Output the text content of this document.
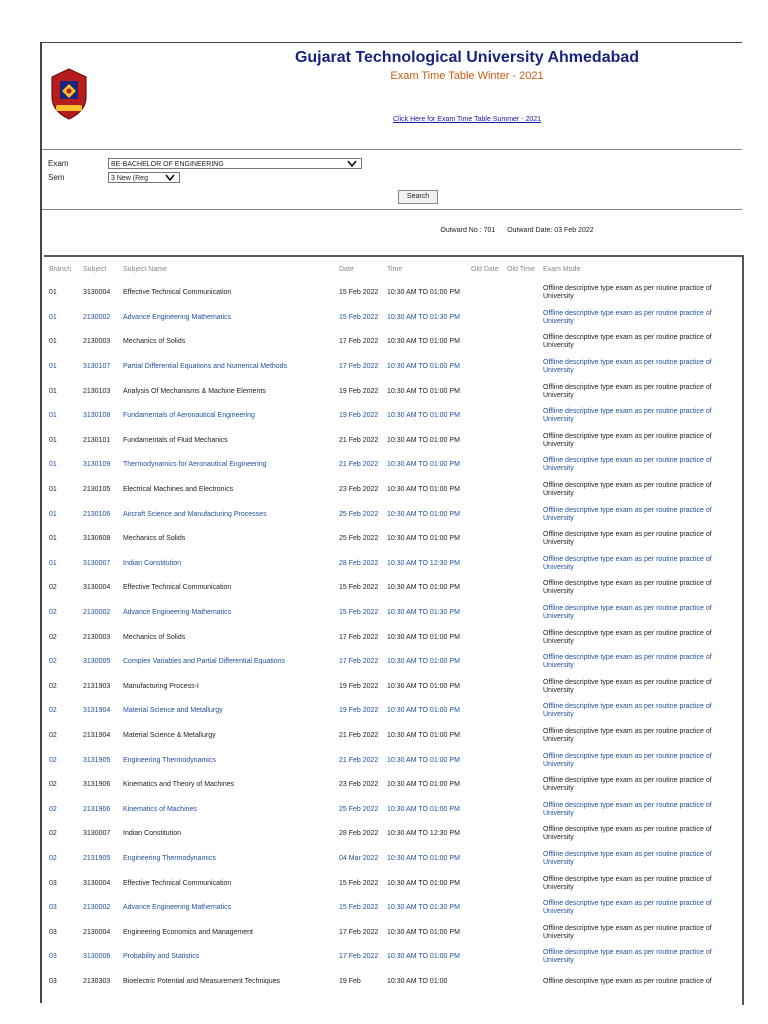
Gujarat Technological University Ahmedabad
Exam Time Table Winter - 2021
Click Here for Exam Time Table Summer - 2021
Exam	BE-BACHELOR OF ENGINEERING
Sem	3 New (Reg
Search
Outward No : 701 Outward Date: 03 Feb 2022
Branch	Subject	Subject Name	Date	Time	Old Date	Old Time	Exam Mode
01	3130004	Effective Technical Communication	15 Feb 2022	10:30 AM TO 01:00 PM			Offline descriptive type exam as per routine practice of University
01	2130002	Advance Engineering Mathematics	15 Feb 2022	10:30 AM TO 01:30 PM			Offline descriptive type exam as per routine practice of University
01	2130003	Mechanics of Solids	17 Feb 2022	10:30 AM TO 01:00 PM			Offline descriptive type exam as per routine practice of University
01	3130107	Partial Differential Equations and Numerical Methods	17 Feb 2022	10:30 AM TO 01:00 PM			Offline descriptive type exam as per routine practice of University
01	2130103	Analysis Of Mechanisms & Machine Elements	19 Feb 2022	10:30 AM TO 01:00 PM			Offline descriptive type exam as per routine practice of University
01	3130108	Fundamentals of Aeronautical Engineering	19 Feb 2022	10:30 AM TO 01:00 PM			Offline descriptive type exam as per routine practice of University
01	2130101	Fundamentals of Fluid Mechanics	21 Feb 2022	10:30 AM TO 01:00 PM			Offline descriptive type exam as per routine practice of University
01	3130109	Thermodynamics for Aeronautical Engineering	21 Feb 2022	10:30 AM TO 01:00 PM			Offline descriptive type exam as per routine practice of University
01	2130105	Electrical Machines and Electronics	23 Feb 2022	10:30 AM TO 01:00 PM			Offline descriptive type exam as per routine practice of University
01	2130106	Aircraft Science and Manufacturing Processes	25 Feb 2022	10:30 AM TO 01:00 PM			Offline descriptive type exam as per routine practice of University
01	3130608	Mechanics of Solids	25 Feb 2022	10:30 AM TO 01:00 PM			Offline descriptive type exam as per routine practice of University
01	3130007	Indian Constitution	28 Feb 2022	10:30 AM TO 12:30 PM			Offline descriptive type exam as per routine practice of University
02	3130004	Effective Technical Communication	15 Feb 2022	10:30 AM TO 01:00 PM			Offline descriptive type exam as per routine practice of University
02	2130002	Advance Engineering Mathematics	15 Feb 2022	10:30 AM TO 01:30 PM			Offline descriptive type exam as per routine practice of University
02	2130003	Mechanics of Solids	17 Feb 2022	10:30 AM TO 01:00 PM			Offline descriptive type exam as per routine practice of University
02	3130005	Complex Variables and Partial Differential Equations	17 Feb 2022	10:30 AM TO 01:00 PM			Offline descriptive type exam as per routine practice of University
02	2131903	Manufacturing Process-I	19 Feb 2022	10:30 AM TO 01:00 PM			Offline descriptive type exam as per routine practice of University
02	3131904	Material Science and Metallurgy	19 Feb 2022	10:30 AM TO 01:00 PM			Offline descriptive type exam as per routine practice of University
02	2131904	Material Science & Metallurgy	21 Feb 2022	10:30 AM TO 01:00 PM			Offline descriptive type exam as per routine practice of University
02	3131905	Engineering Thermodynamics	21 Feb 2022	10:30 AM TO 01:00 PM			Offline descriptive type exam as per routine practice of University
02	3131906	Kinematics and Theory of Machines	23 Feb 2022	10:30 AM TO 01:00 PM			Offline descriptive type exam as per routine practice of University
02	2131906	Kinematics of Machines	25 Feb 2022	10:30 AM TO 01:00 PM			Offline descriptive type exam as per routine practice of University
02	3130007	Indian Constitution	28 Feb 2022	10:30 AM TO 12:30 PM			Offline descriptive type exam as per routine practice of University
02	2131905	Engineering Thermodynamics	04 Mar 2022	10:30 AM TO 01:00 PM			Offline descriptive type exam as per routine practice of University
03	3130004	Effective Technical Communication	15 Feb 2022	10:30 AM TO 01:00 PM			Offline descriptive type exam as per routine practice of University
03	2130002	Advance Engineering Mathematics	15 Feb 2022	10:30 AM TO 01:30 PM			Offline descriptive type exam as per routine practice of University
03	2130004	Engineering Economics and Management	17 Feb 2022	10:30 AM TO 01:00 PM			Offline descriptive type exam as per routine practice of University
03	3130006	Probability and Statistics	17 Feb 2022	10:30 AM TO 01:00 PM			Offline descriptive type exam as per routine practice of University
03	2130303	Bioelectric Potential and Measurement Techniques	19 Feb	10:30 AM TO 01:00			Offline descriptive type exam as per routine practice of
